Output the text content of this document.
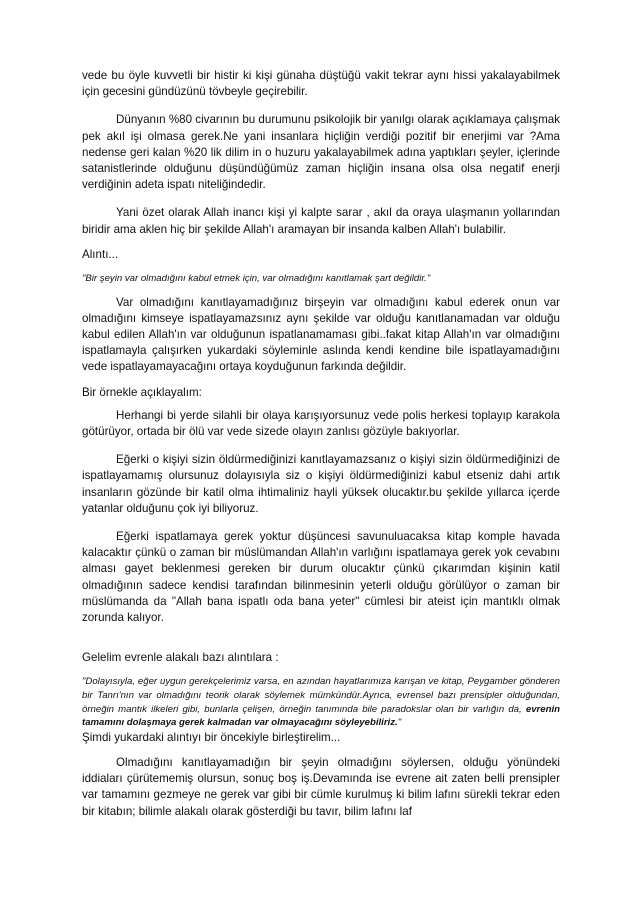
vede bu öyle kuvvetli bir histir ki kişi günaha düştüğü vakit tekrar aynı hissi yakalayabilmek için gecesini gündüzünü tövbeyle geçirebilir.

Dünyanın %80 civarının bu durumunu psikolojik bir yanılgı olarak açıklamaya çalışmak pek akıl işi olmasa gerek.Ne yani insanlara hiçliğin verdiği pozitif bir enerjimi var ?Ama nedense geri kalan %20 lik dilim in o huzuru yakalayabilmek adına yaptıkları şeyler, içlerinde satanistlerinde olduğunu düşündüğümüz zaman hiçliğin insana olsa olsa negatif enerji verdiğinin adeta ispatı niteliğindedir.

Yani özet olarak Allah inancı kişi yi kalpte sarar , akıl da oraya ulaşmanın yollarından biridir ama aklen hiç bir şekilde Allah'ı aramayan bir insanda kalben Allah'ı bulabilir.

Alıntı...

"Bir şeyin var olmadığını kabul etmek için, var olmadığını kanıtlamak şart değildir."

Var olmadığını kanıtlayamadığınız birşeyin var olmadığını kabul ederek onun var olmadığını kimseye ispatlayamazsınız aynı şekilde var olduğu kanıtlanamadan var olduğu kabul edilen Allah'ın var olduğunun ispatlanamaması gibi..fakat kitap Allah'ın var olmadığını ispatlamayla çalışırken yukardaki söyleminle aslında kendi kendine bile ispatlayamadığını vede ispatlayamayacağını ortaya koyduğunun farkında değildir.

Bir örnekle açıklayalım:

Herhangi bi yerde silahli bir olaya karışıyorsunuz vede polis herkesi toplayıp karakola götürüyor, ortada bir ölü var vede sizede olayın zanlısı gözüyle bakıyorlar.

Eğerki o kişiyi sizin öldürmediğinizi kanıtlayamazsanız o kişiyi sizin öldürmediğinizi de ispatlayamamış olursunuz dolayısıyla siz o kişiyi öldürmediğinizi kabul etseniz dahi artık insanların gözünde bir katil olma ihtimaliniz hayli yüksek olucaktır.bu şekilde yıllarca içerde yatanlar olduğunu çok iyi biliyoruz.

Eğerki ispatlamaya gerek yoktur düşüncesi savunuluacaksa kitap komple havada kalacaktır çünkü o zaman bir müslümandan Allah'ın varlığını ispatlamaya gerek yok cevabını alması gayet beklenmesi gereken bir durum olucaktır çünkü çıkarımdan kişinin katil olmadığının sadece kendisi tarafından bilinmesinin yeterli olduğu görülüyor o zaman bir müslümanda da "Allah bana ispatlı oda bana yeter" cümlesi bir ateist için mantıklı olmak zorunda kalıyor.

Gelelim evrenle alakalı bazı alıntılara :

"Dolayısıyla, eğer uygun gerekçelerimiz varsa, en azından hayatlarımıza karışan ve kitap, Peygamber gönderen bir Tanrı'nın var olmadığını teorik olarak söylemek mümkündür.Ayrıca, evrensel bazı prensipler olduğundan, örneğin mantık ilkeleri gibi, bunlarla çelişen, örneğin tanımında bile paradokslar olan bir varlığın da, evrenin tamamını dolaşmaya gerek kalmadan var olmayacağını söyleyebiliriz."

Şimdi yukardaki alıntıyı bir öncekiyle birleştirelim...

Olmadığını kanıtlayamadığın bir şeyin olmadığını söylersen, olduğu yönündeki iddiaları çürütememiş olursun, sonuç boş iş.Devamında ise evrene ait zaten belli prensipler var tamamını gezmeye ne gerek var gibi bir cümle kurulmuş ki bilim lafını sürekli tekrar eden bir kitabın; bilimle alakalı olarak gösterdiği bu tavır, bilim lafını laf
